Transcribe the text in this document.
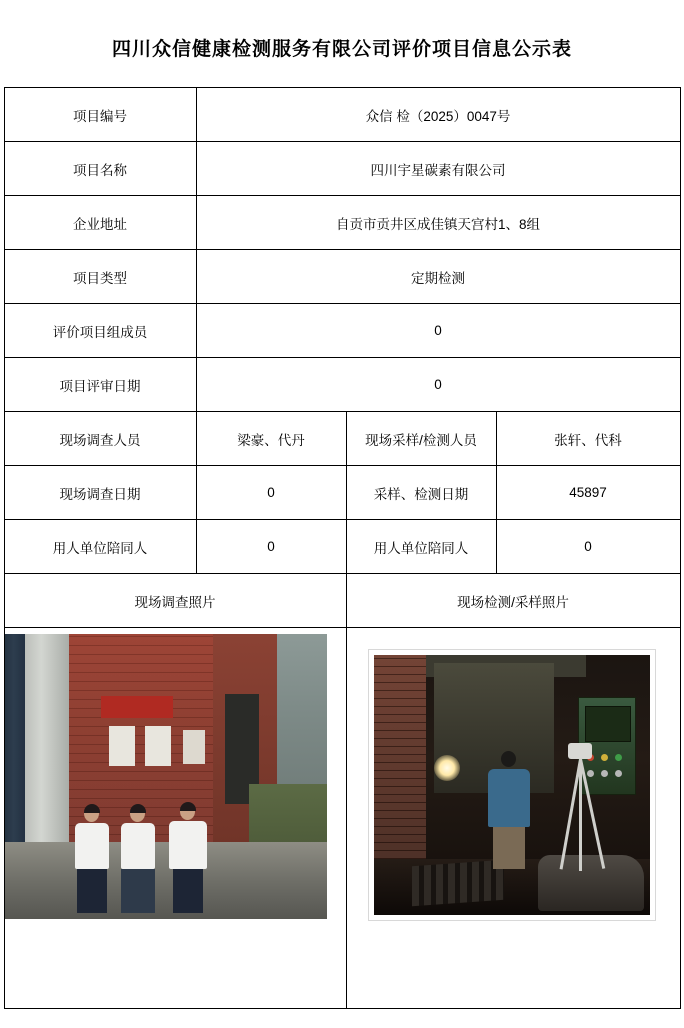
四川众信健康检测服务有限公司评价项目信息公示表
项目编号	众信 检（2025）0047号		
项目名称	四川宇星碳素有限公司		
企业地址	自贡市贡井区成佳镇天宫村1、8组		
项目类型	定期检测		
评价项目组成员	0		
项目评审日期	0		
现场调查人员	梁豪、代丹	现场采样/检测人员	张轩、代科
现场调查日期	0	采样、检测日期	45897
用人单位陪同人	0	用人单位陪同人	0
现场调查照片		现场检测/采样照片	
